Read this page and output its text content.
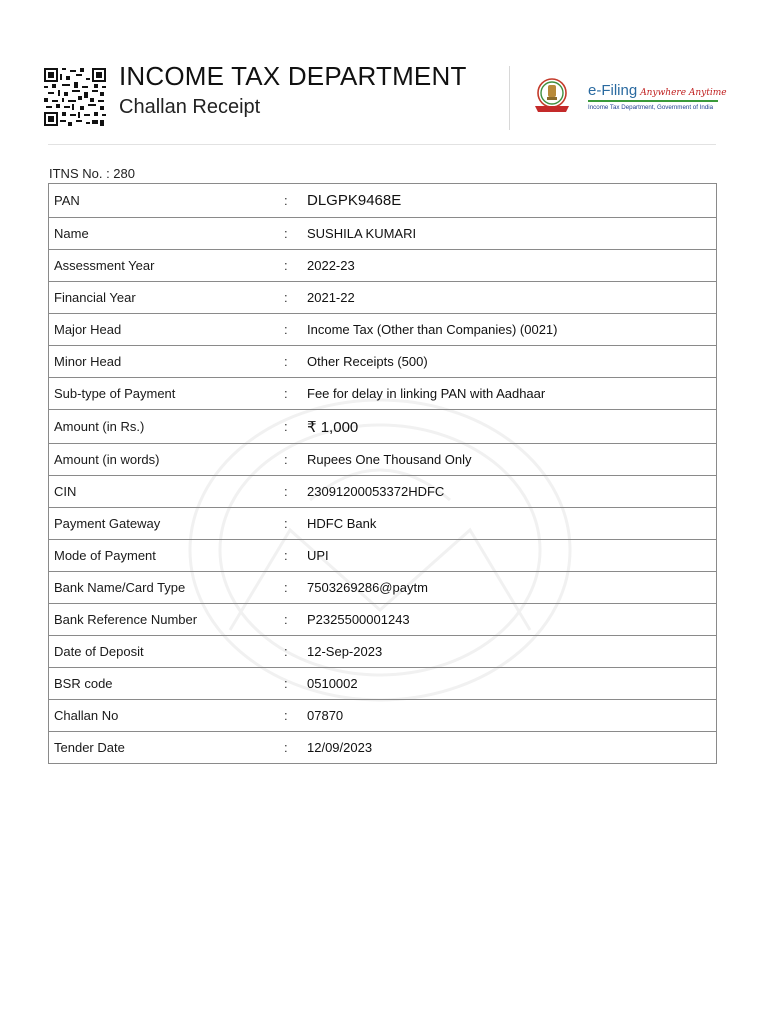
INCOME TAX DEPARTMENT
Challan Receipt
e-Filing Anywhere Anytime
Income Tax Department, Government of India
ITNS No. : 280
PAN	:	DLGPK9468E
Name	:	SUSHILA KUMARI
Assessment Year	:	2022-23
Financial Year	:	2021-22
Major Head	:	Income Tax (Other than Companies) (0021)
Minor Head	:	Other Receipts (500)
Sub-type of Payment	:	Fee for delay in linking PAN with Aadhaar
Amount (in Rs.)	:	₹ 1,000
Amount (in words)	:	Rupees One Thousand Only
CIN	:	23091200053372HDFC
Payment Gateway	:	HDFC Bank
Mode of Payment	:	UPI
Bank Name/Card Type	:	7503269286@paytm
Bank Reference Number	:	P2325500001243
Date of Deposit	:	12-Sep-2023
BSR code	:	0510002
Challan No	:	07870
Tender Date	:	12/09/2023
